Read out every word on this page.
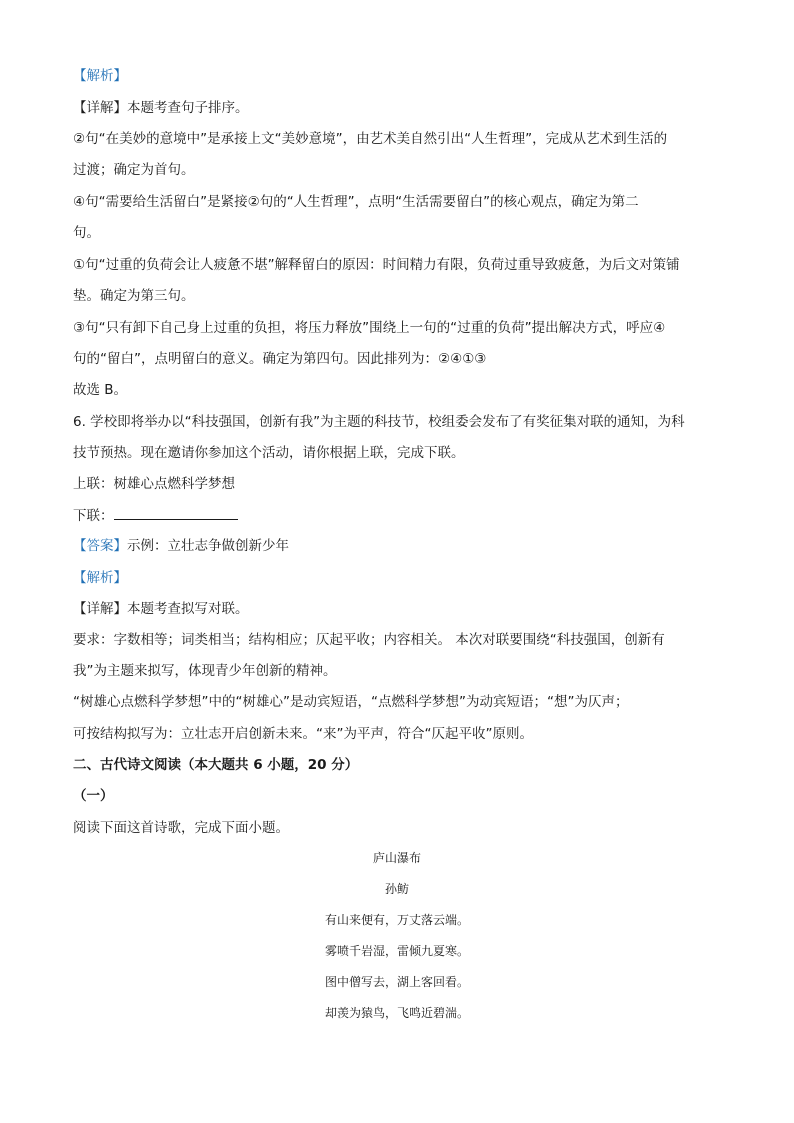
【解析】
【详解】本题考查句子排序。
②句“在美妙的意境中”是承接上文“美妙意境”，由艺术美自然引出“人生哲理”，完成从艺术到生活的
过渡；确定为首句。
④句“需要给生活留白”是紧接②句的“人生哲理”，点明“生活需要留白”的核心观点，确定为第二
句。
①句“过重的负荷会让人疲惫不堪”解释留白的原因：时间精力有限，负荷过重导致疲惫，为后文对策铺
垫。确定为第三句。
③句“只有卸下自己身上过重的负担，将压力释放”围绕上一句的“过重的负荷”提出解决方式，呼应④
句的“留白”，点明留白的意义。确定为第四句。因此排列为：②④①③
故选 B。
6. 学校即将举办以“科技强国，创新有我”为主题的科技节，校组委会发布了有奖征集对联的通知，为科
技节预热。现在邀请你参加这个活动，请你根据上联，完成下联。
上联：树雄心点燃科学梦想
下联：
【答案】示例：立壮志争做创新少年
【解析】
【详解】本题考查拟写对联。
要求：字数相等；词类相当；结构相应；仄起平收；内容相关。 本次对联要围绕“科技强国，创新有
我”为主题来拟写，体现青少年创新的精神。
“树雄心点燃科学梦想”中的“树雄心”是动宾短语，“点燃科学梦想”为动宾短语；“想”为仄声；
可按结构拟写为：立壮志开启创新未来。“来”为平声，符合“仄起平收”原则。
二、古代诗文阅读（本大题共 6 小题，20 分）
（一）
阅读下面这首诗歌，完成下面小题。
庐山瀑布
孙鲂
有山来便有，万丈落云端。
雾喷千岩湿，雷倾九夏寒。
图中僧写去，湖上客回看。
却羡为猿鸟，飞鸣近碧湍。
